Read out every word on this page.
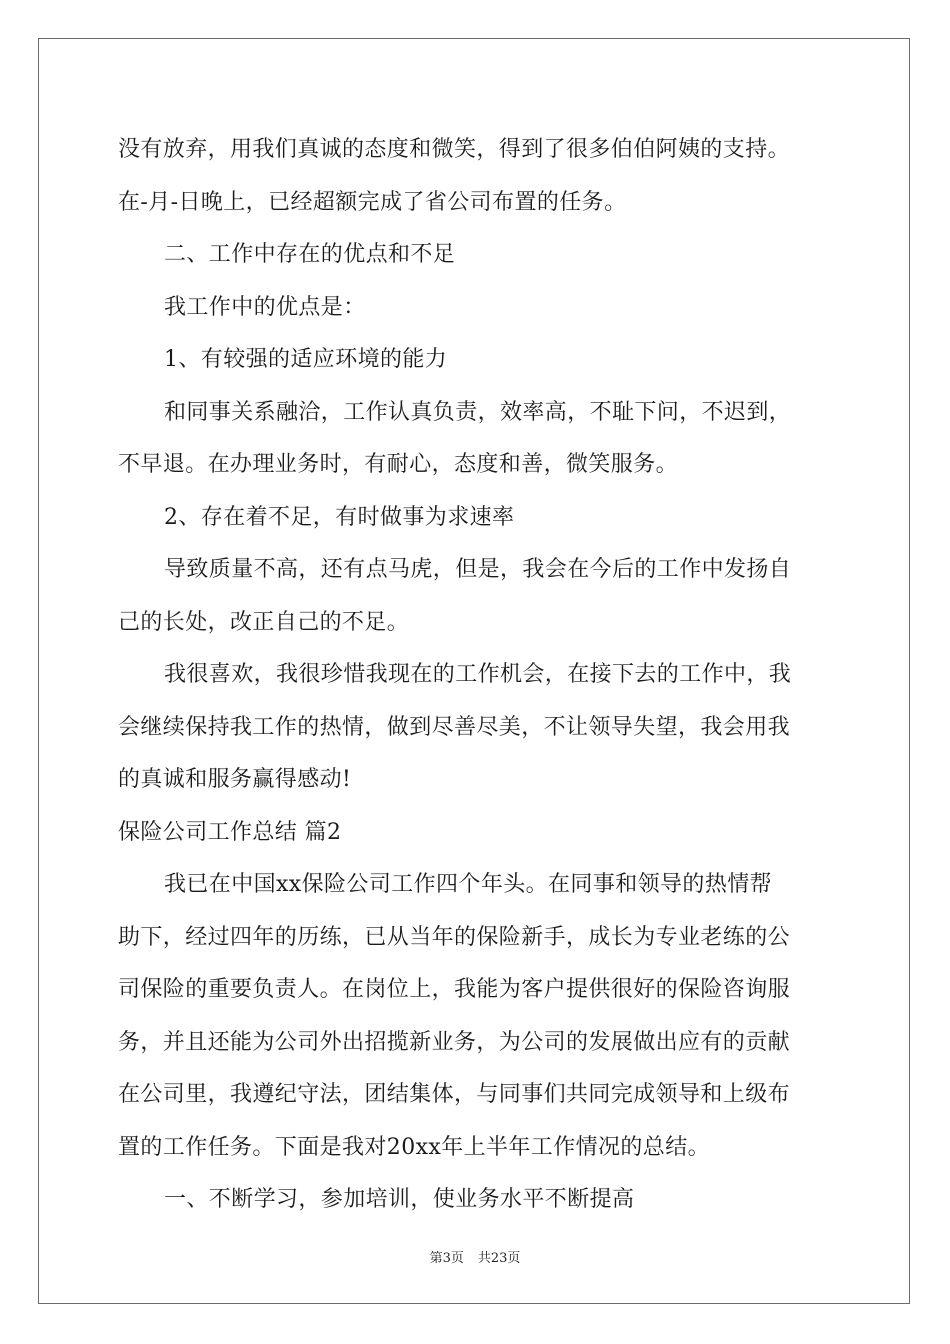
没有放弃，用我们真诚的态度和微笑，得到了很多伯伯阿姨的支持。
在-月-日晚上，已经超额完成了省公司布置的任务。
二、工作中存在的优点和不足
我工作中的优点是：
1、有较强的适应环境的能力
和同事关系融洽，工作认真负责，效率高，不耻下问，不迟到，
不早退。在办理业务时，有耐心，态度和善，微笑服务。
2、存在着不足，有时做事为求速率
导致质量不高，还有点马虎，但是，我会在今后的工作中发扬自
己的长处，改正自己的不足。
我很喜欢，我很珍惜我现在的工作机会，在接下去的工作中，我
会继续保持我工作的热情，做到尽善尽美，不让领导失望，我会用我
的真诚和服务赢得感动!
保险公司工作总结 篇2
我已在中国xx保险公司工作四个年头。在同事和领导的热情帮
助下，经过四年的历练，已从当年的保险新手，成长为专业老练的公
司保险的重要负责人。在岗位上，我能为客户提供很好的保险咨询服
务，并且还能为公司外出招揽新业务，为公司的发展做出应有的贡献
在公司里，我遵纪守法，团结集体，与同事们共同完成领导和上级布
置的工作任务。下面是我对20xx年上半年工作情况的总结。
一、不断学习，参加培训，使业务水平不断提高
第3页 共23页
